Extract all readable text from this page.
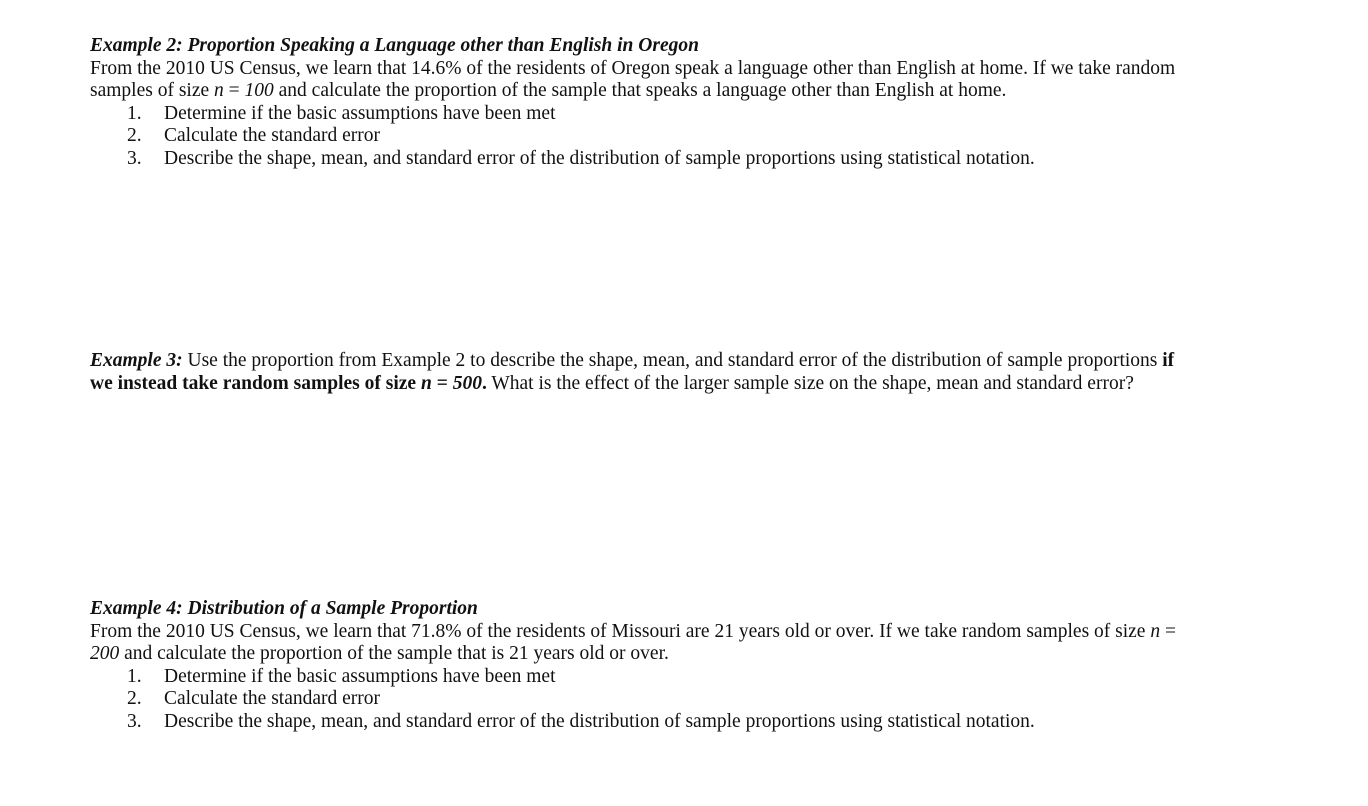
Example 2: Proportion Speaking a Language other than English in Oregon

From the 2010 US Census, we learn that 14.6% of the residents of Oregon speak a language other than English at home. If we take random samples of size n = 100 and calculate the proportion of the sample that speaks a language other than English at home.

1.	Determine if the basic assumptions have been met
2.	Calculate the standard error
3.	Describe the shape, mean, and standard error of the distribution of sample proportions using statistical notation.

Example 3: Use the proportion from Example 2 to describe the shape, mean, and standard error of the distribution of sample proportions if we instead take random samples of size n = 500. What is the effect of the larger sample size on the shape, mean and standard error?

Example 4: Distribution of a Sample Proportion

From the 2010 US Census, we learn that 71.8% of the residents of Missouri are 21 years old or over. If we take random samples of size n = 200 and calculate the proportion of the sample that is 21 years old or over.

1.	Determine if the basic assumptions have been met
2.	Calculate the standard error
3.	Describe the shape, mean, and standard error of the distribution of sample proportions using statistical notation.
